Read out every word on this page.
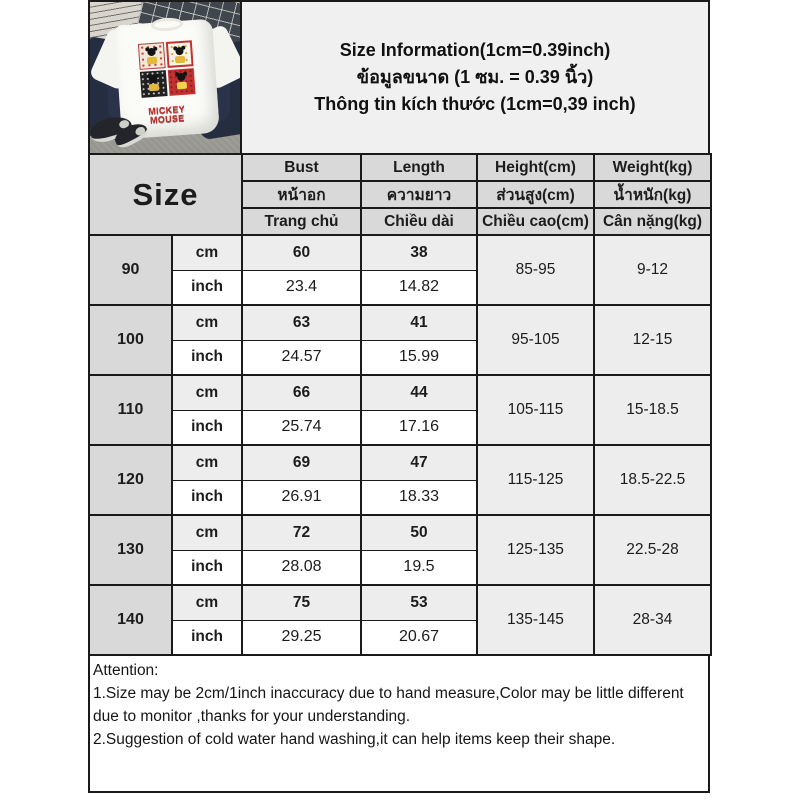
MICKEY
MOUSE
Size Information(1cm=0.39inch)
ข้อมูลขนาด (1 ซม. = 0.39 นิ้ว)
Thông tin kích thước (1cm=0,39 inch)
Size		Bust	Length	Height(cm)	Weight(kg)
		หน้าอก	ความยาว	ส่วนสูง(cm)	น้ำหนัก(kg)
		Trang chủ	Chiều dài	Chiều cao(cm)	Cân nặng(kg)
90	cm	60	38	85-95	9-12
	inch	23.4	14.82		
100	cm	63	41	95-105	12-15
	inch	24.57	15.99		
110	cm	66	44	105-115	15-18.5
	inch	25.74	17.16		
120	cm	69	47	115-125	18.5-22.5
	inch	26.91	18.33		
130	cm	72	50	125-135	22.5-28
	inch	28.08	19.5		
140	cm	75	53	135-145	28-34
	inch	29.25	20.67		
Attention:
1.Size may be 2cm/1inch inaccuracy due to hand measure,Color may be little different due to monitor ,thanks for your understanding.
2.Suggestion of cold water hand washing,it can help items keep their shape.
